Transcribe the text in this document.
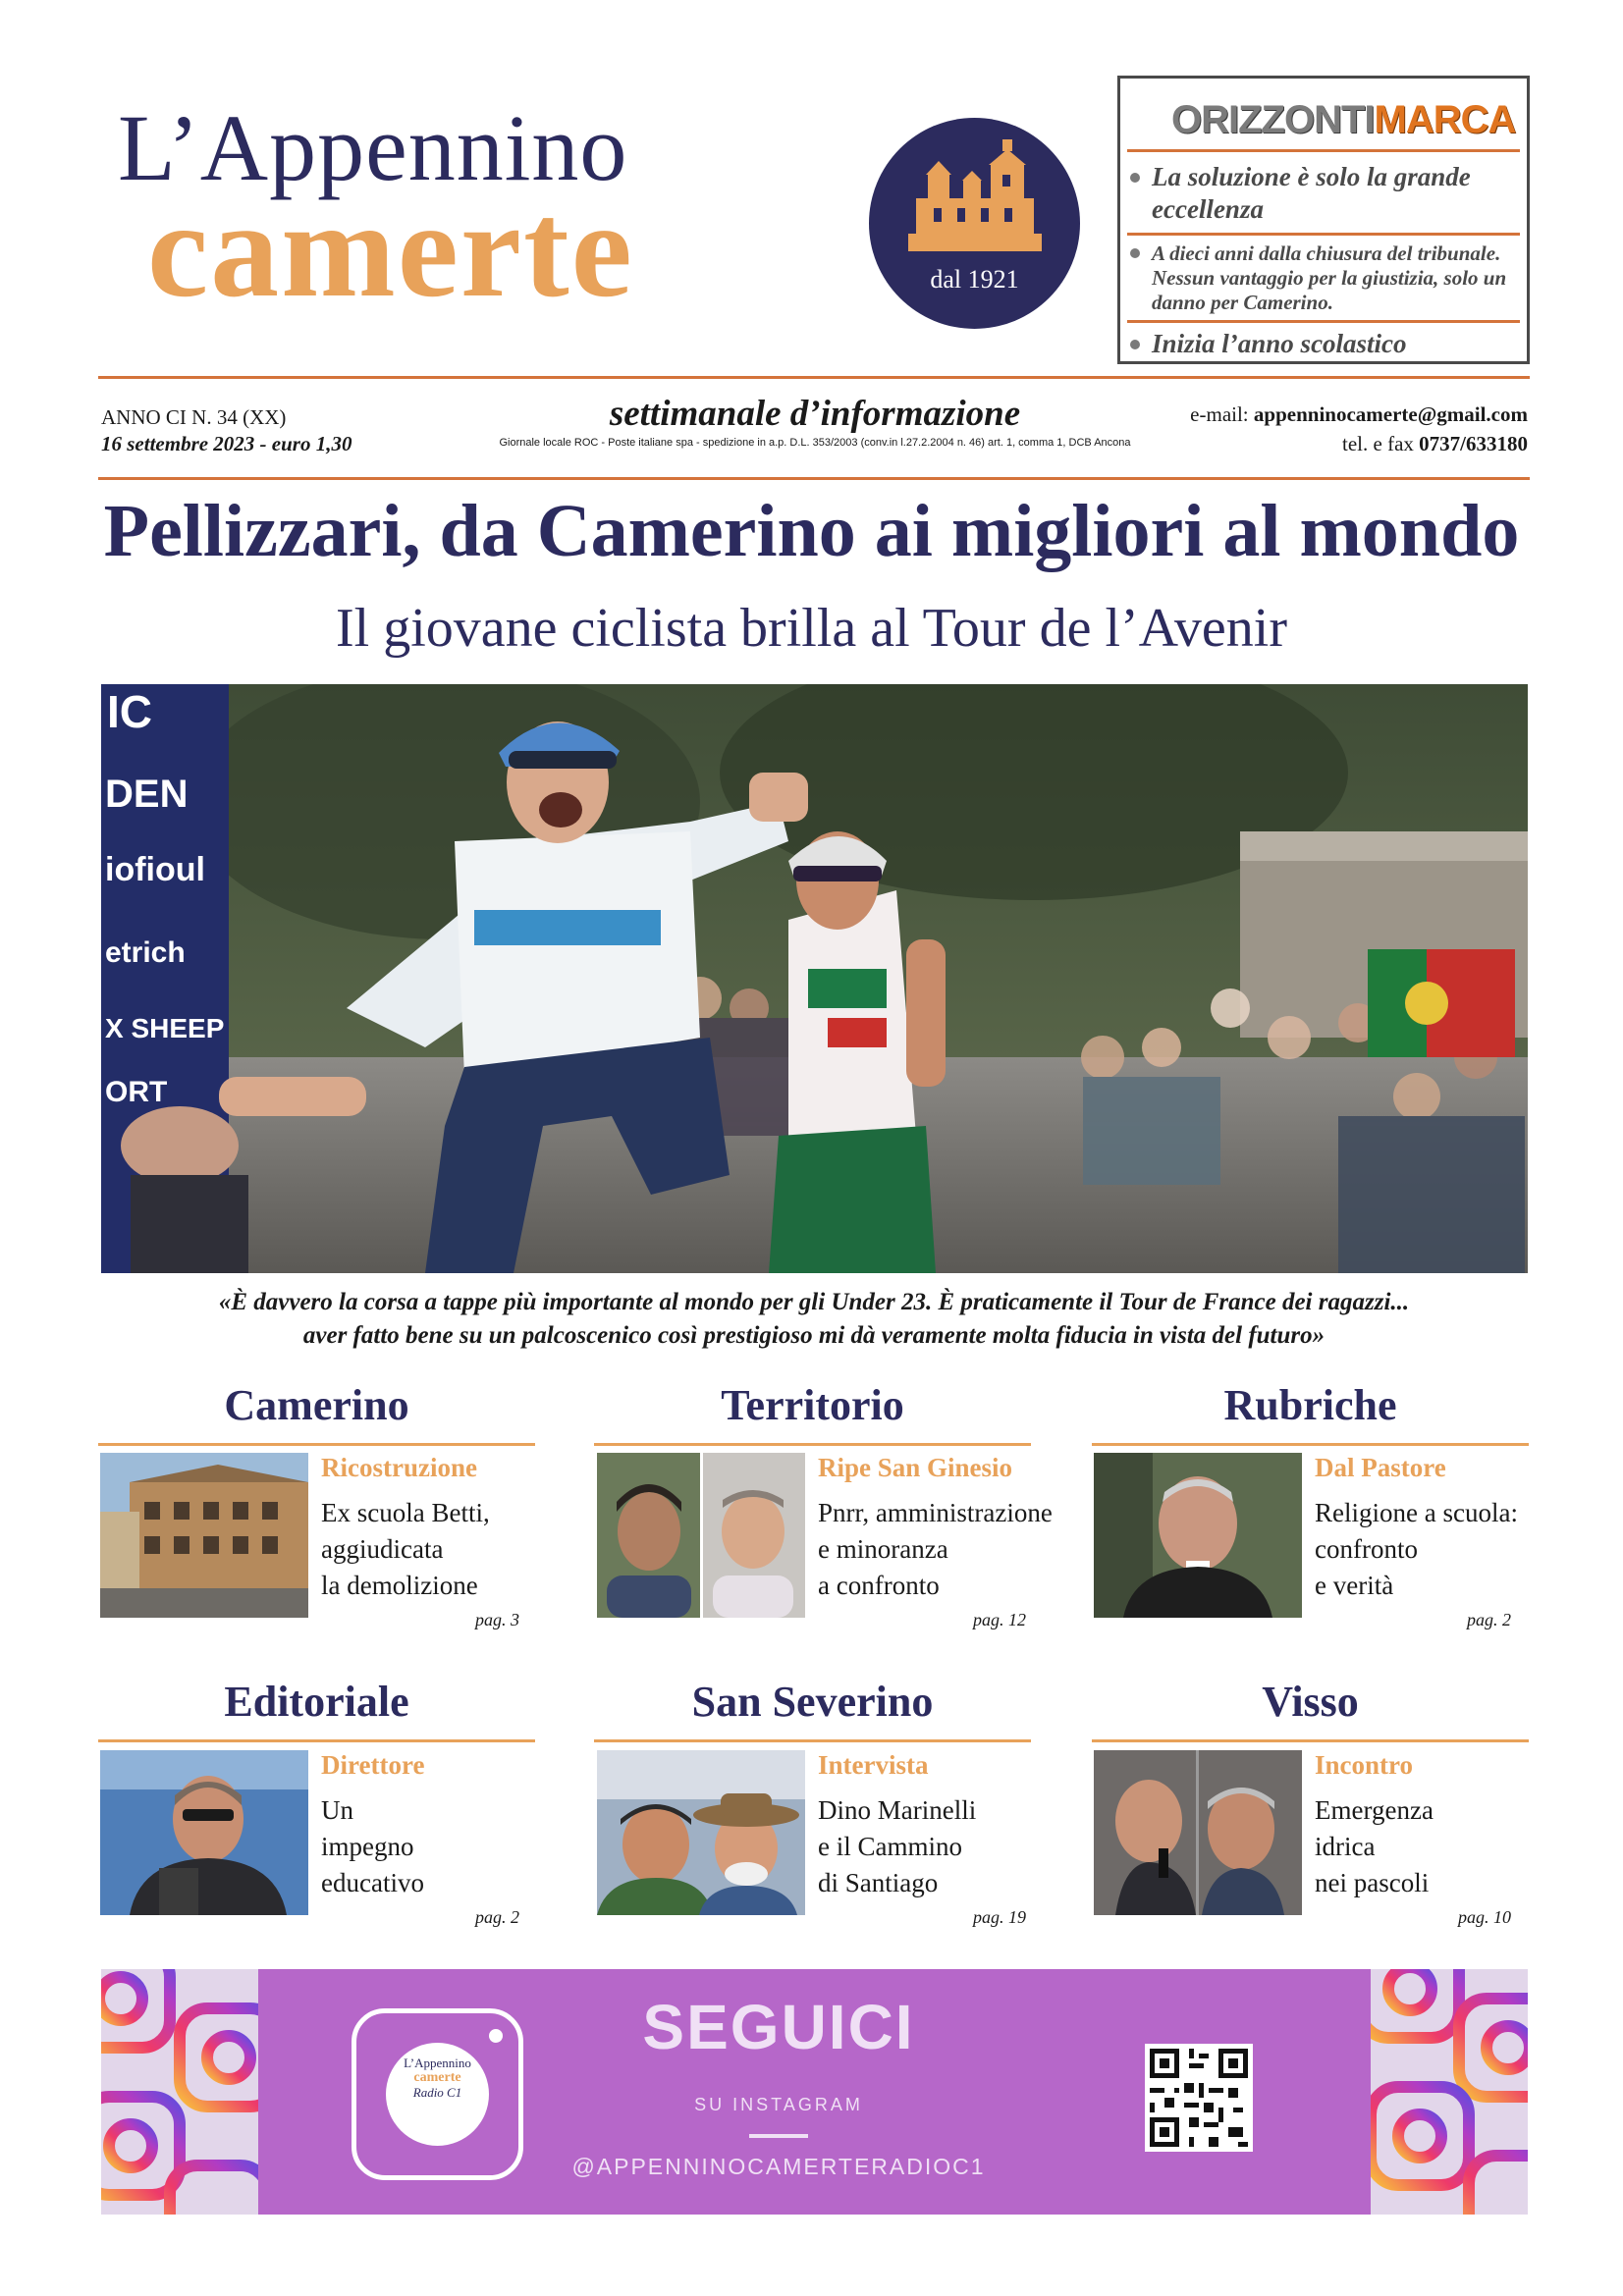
L’Appennino
camerte	dal 1921
ORIZZONTIMARCA
La soluzione è solo la grande eccellenza
A dieci anni dalla chiusura del tribunale. Nessun vantaggio per la giustizia, solo un danno per Camerino.
Inizia l’anno scolastico
ANNO CI N. 34 (XX)
16 settembre 2023 - euro 1,30
settimanale d’informazione
Giornale locale ROC - Poste italiane spa - spedizione in a.p. D.L. 353/2003 (conv.in l.27.2.2004 n. 46) art. 1, comma 1, DCB Ancona
e-mail: appenninocamerte@gmail.com
tel. e fax 0737/633180
Pellizzari, da Camerino ai migliori al mondo
Il giovane ciclista brilla al Tour de l’Avenir
IC
DEN
iofioul
etrich
X SHEEP
ORT
«È davvero la corsa a tappe più importante al mondo per gli Under 23. È praticamente il Tour de France dei ragazzi...
aver fatto bene su un palcoscenico così prestigioso mi dà veramente molta fiducia in vista del futuro»
Camerino
Ricostruzione
Ex scuola Betti,
aggiudicata
la demolizione
pag. 3
Territorio
Ripe San Ginesio
Pnrr, amministrazione
e minoranza
a confronto
pag. 12
Rubriche
Dal Pastore
Religione a scuola:
confronto
e verità
pag. 2
Editoriale
Direttore
Un
impegno
educativo
pag. 2
San Severino
Intervista
Dino Marinelli
e il Cammino
di Santiago
pag. 19
Visso
Incontro
Emergenza
idrica
nei pascoli
pag. 10
L’Appennino
camerte
Radio C1
SEGUICI
SU INSTAGRAM
@APPENNINOCAMERTERADIOC1
